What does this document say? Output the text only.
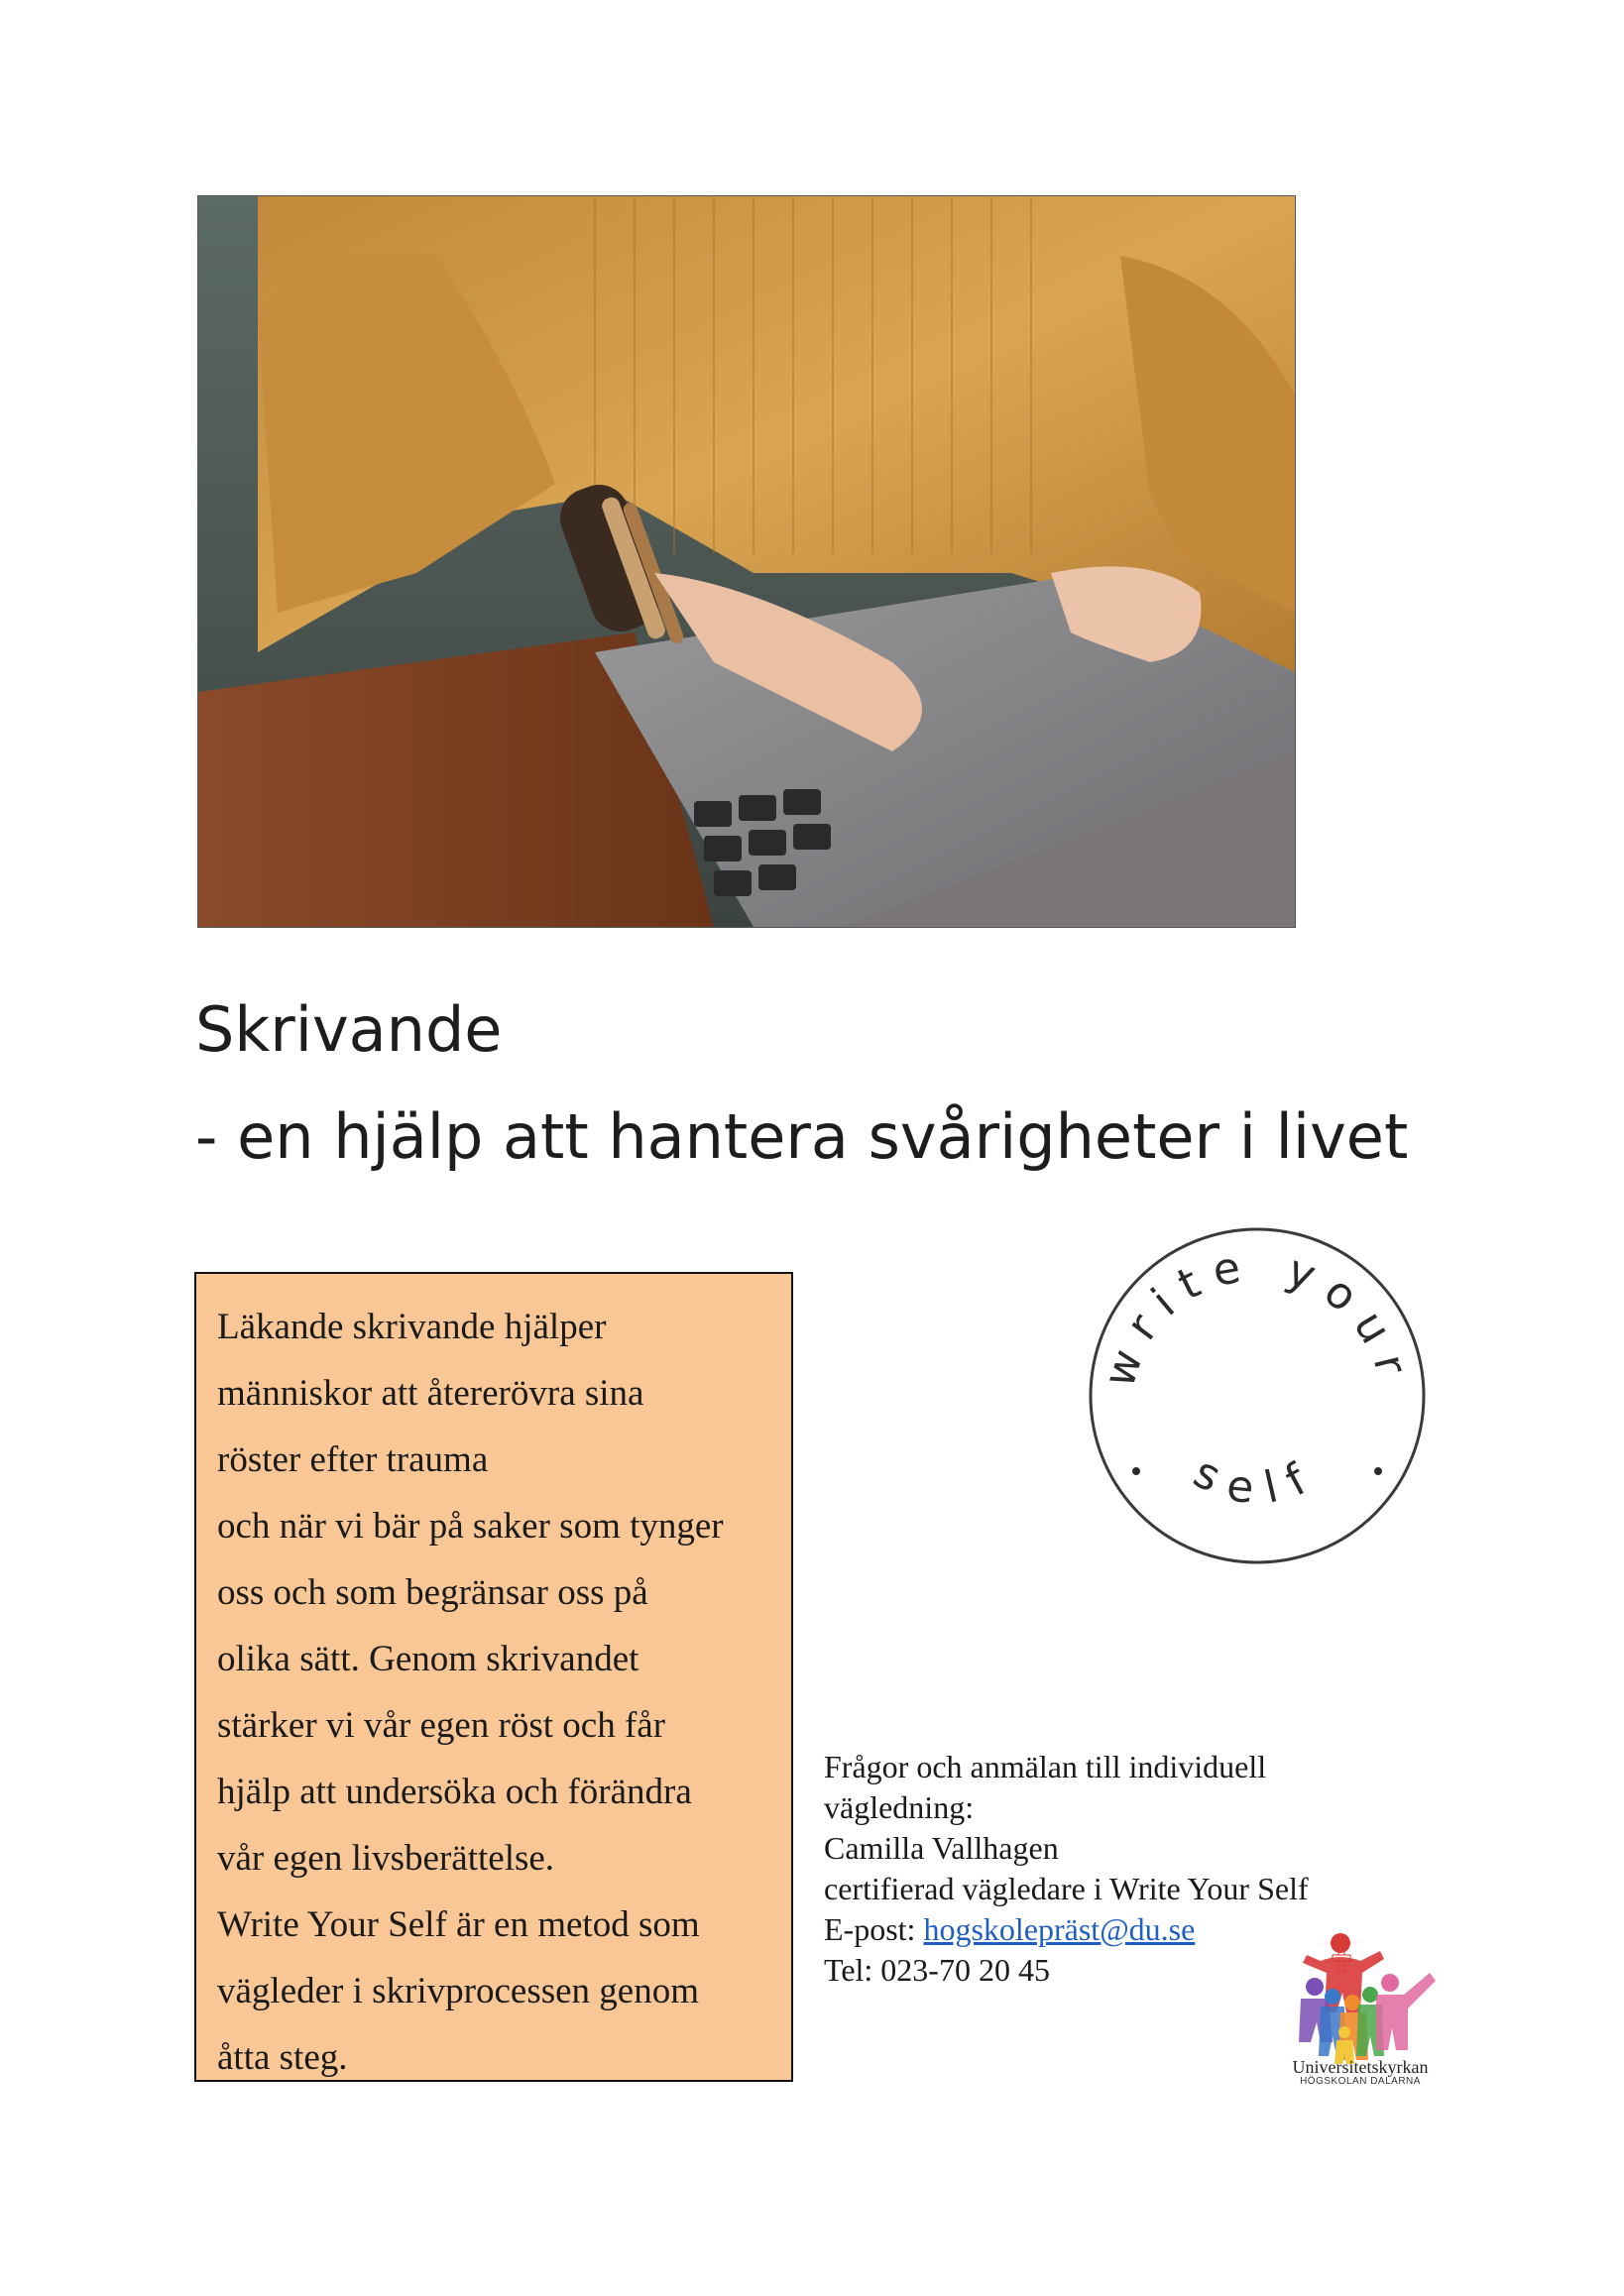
Skrivande
- en hjälp att hantera svårigheter i livet

Läkande skrivande hjälper

människor att återerövra sina

röster efter trauma

och när vi bär på saker som tynger

oss och som begränsar oss på

olika sätt. Genom skrivandet

stärker vi vår egen röst och får

hjälp att undersöka och förändra

vår egen livsberättelse.

Write Your Self är en metod som

vägleder i skrivprocessen genom

åtta steg.

write your
self
Frågor och anmälan till individuell
vägledning:
Camilla Vallhagen
certifierad vägledare i Write Your Self
E-post: hogskolepräst@du.se
Tel: 023-70 20 45
Universitetskyrkan
HÖGSKOLAN DALARNA
